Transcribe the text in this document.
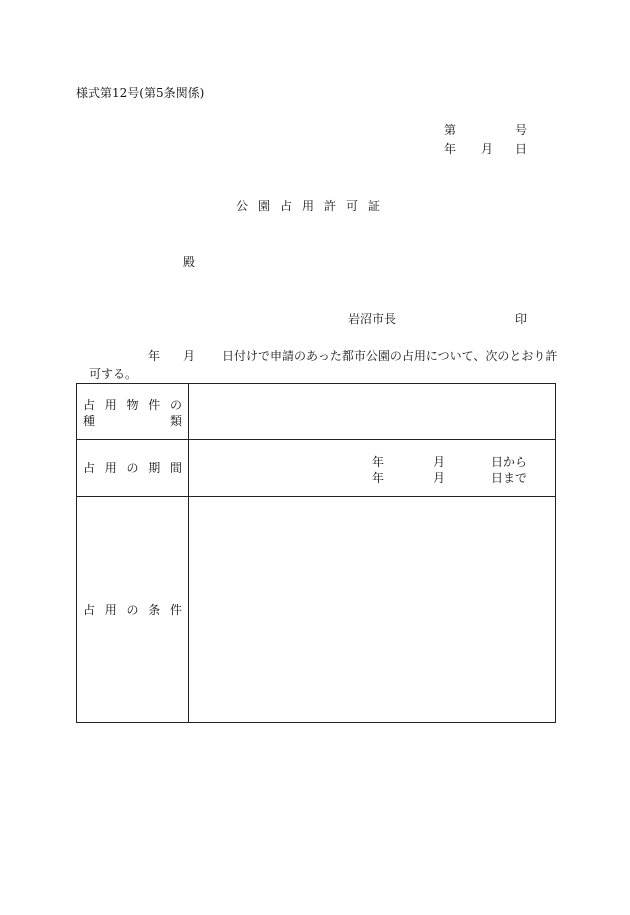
様式第12号(第5条関係)
第	号
年 月 日
公園占用許可証
殿
岩沼市長	印
年 月 日付けで申請のあった都市公園の占用について、次のとおり許
可する。
占 用 物 件 の
種	類
占 用 の 期 間	年	月	日から
年	月	日まで
占 用 の 条 件
